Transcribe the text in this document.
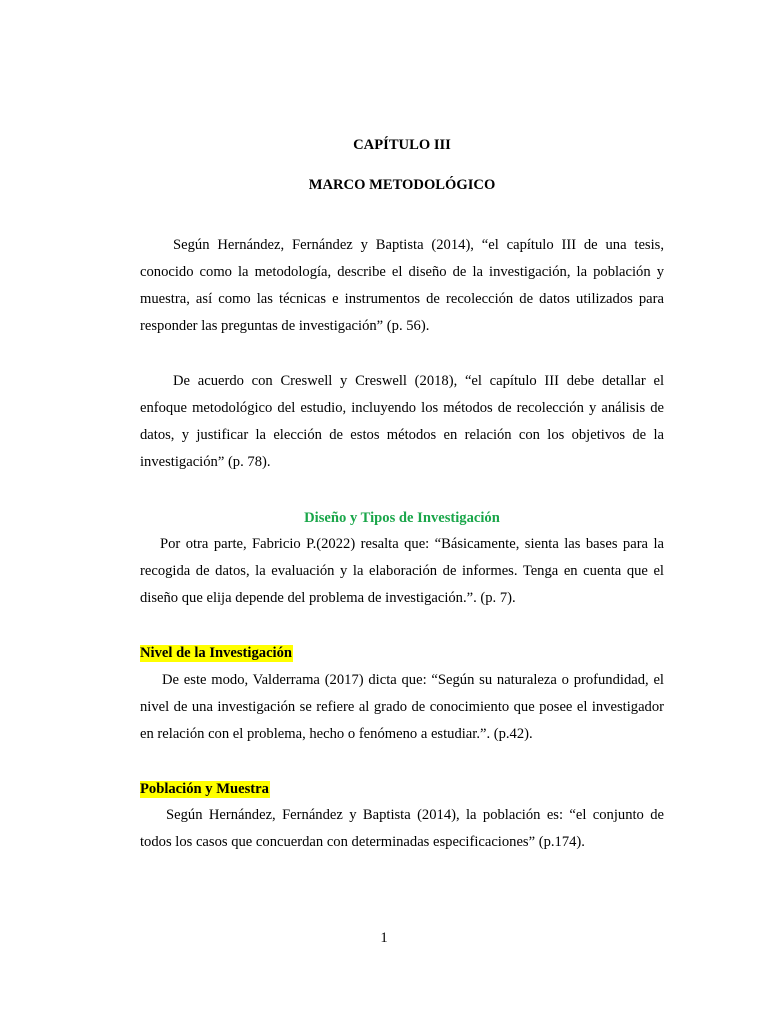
CAPÍTULO III

MARCO METODOLÓGICO

Según Hernández, Fernández y Baptista (2014), “el capítulo III de una tesis, conocido como la metodología, describe el diseño de la investigación, la población y muestra, así como las técnicas e instrumentos de recolección de datos utilizados para responder las preguntas de investigación” (p. 56).

De acuerdo con Creswell y Creswell (2018), “el capítulo III debe detallar el enfoque metodológico del estudio, incluyendo los métodos de recolección y análisis de datos, y justificar la elección de estos métodos en relación con los objetivos de la investigación” (p. 78).

Diseño y Tipos de Investigación

Por otra parte, Fabricio P.(2022) resalta que: “Básicamente, sienta las bases para la recogida de datos, la evaluación y la elaboración de informes. Tenga en cuenta que el diseño que elija depende del problema de investigación.”. (p. 7).

Nivel de la Investigación

De este modo, Valderrama (2017) dicta que: “Según su naturaleza o profundidad, el nivel de una investigación se refiere al grado de conocimiento que posee el investigador en relación con el problema, hecho o fenómeno a estudiar.”. (p.42).

Población y Muestra

Según Hernández, Fernández y Baptista (2014), la población es: “el conjunto de todos los casos que concuerdan con determinadas especificaciones” (p.174).

1
